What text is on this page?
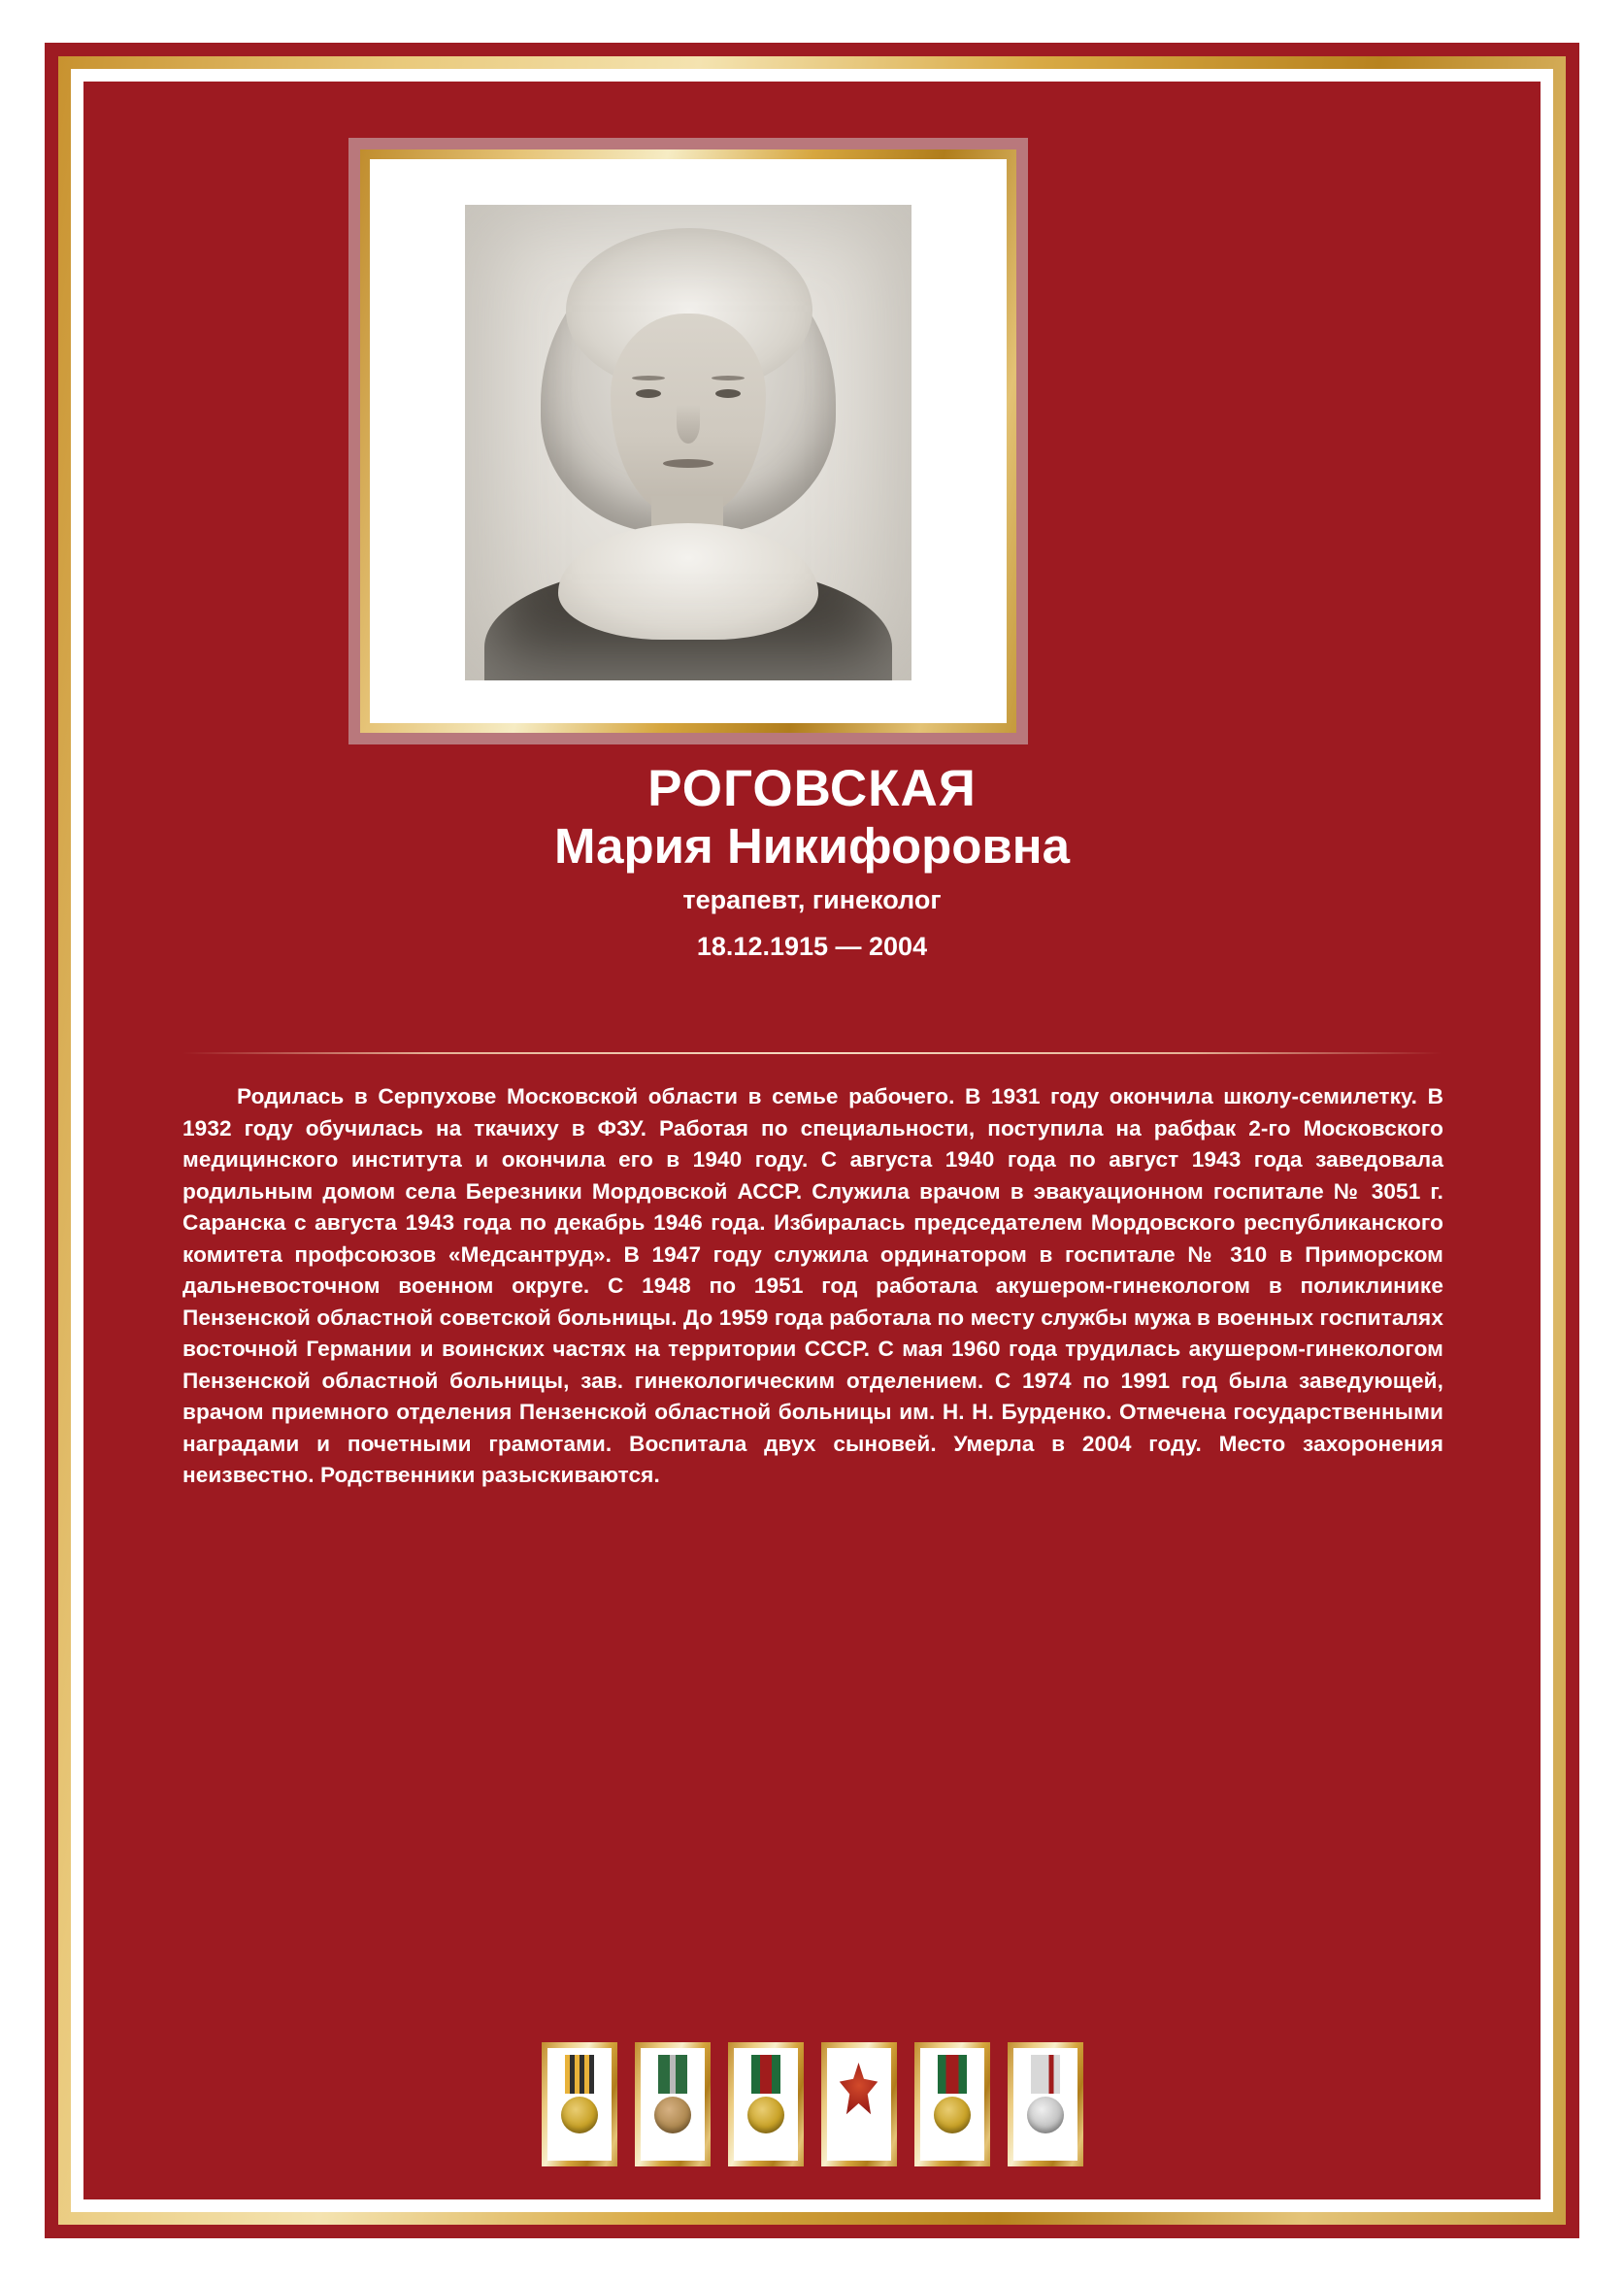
РОГОВСКАЯ
Мария Никифоровна
терапевт, гинеколог
18.12.1915 — 2004
Родилась в Серпухове Московской области в семье рабочего. В 1931 году окончила школу-семилетку. В 1932 году обучилась на ткачиху в ФЗУ. Работая по специальности, поступила на рабфак 2-го Московского медицинского института и окончила его в 1940 году. С августа 1940 года по август 1943 года заведовала родильным домом села Березники Мордовской АССР. Служила врачом в эвакуационном госпитале № 3051 г. Саранска с августа 1943 года по декабрь 1946 года. Избиралась председателем Мордовского республиканского комитета профсоюзов «Медсантруд». В 1947 году служила ординатором в госпитале № 310 в Приморском дальневосточном военном округе. С 1948 по 1951 год работала акушером-гинекологом в поликлинике Пензенской областной советской больницы. До 1959 года работала по месту службы мужа в военных госпиталях восточной Германии и воинских частях на территории СССР. С мая 1960 года трудилась акушером-гинекологом Пензенской областной больницы, зав. гинекологическим отделением. С 1974 по 1991 год была заведующей, врачом приемного отделения Пензенской областной больницы им. Н. Н. Бурденко. Отмечена государственными наградами и почетными грамотами. Воспитала двух сыновей. Умерла в 2004 году. Место захоронения неизвестно. Родственники разыскиваются.
